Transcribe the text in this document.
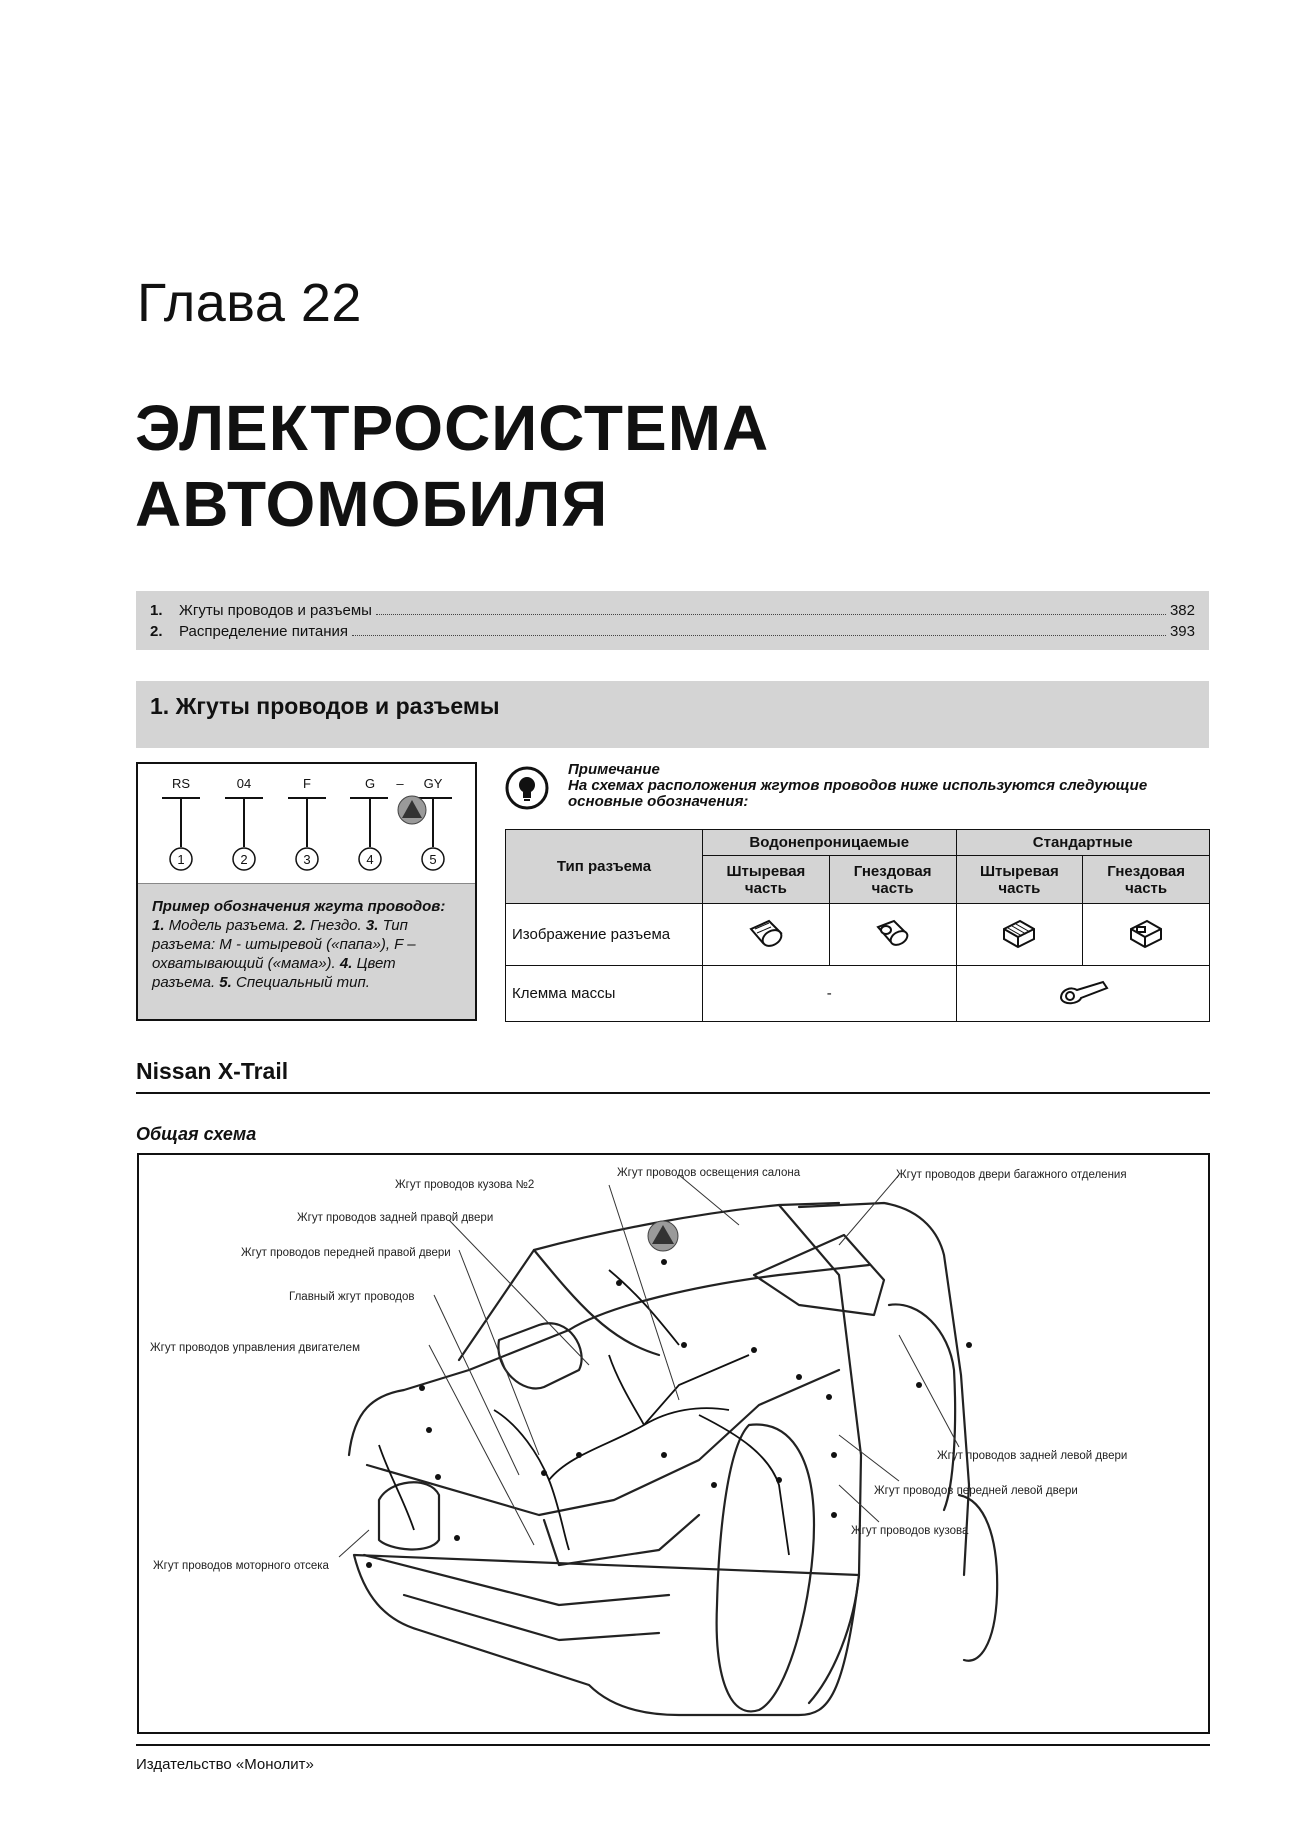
Глава 22
ЭЛЕКТРОСИСТЕМА
АВТОМОБИЛЯ
1.	Жгуты проводов и разъемы	382
2.	Распределение питания	393
1. Жгуты проводов и разъемы
RS	04	F	G – GY
1	2	3	4	5
Пример обозначения жгута проводов: 1. Модель разъема. 2. Гнездо. 3. Тип разъема: М - штыревой («папа»), F – охватывающий («мама»). 4. Цвет разъема. 5. Специальный тип.
Примечание
На схемах расположения жгутов проводов ниже используются следующие основные обозначения:
Тип разъема	Водонепроницаемые		Стандартные	
	Штыревая часть	Гнездовая часть	Штыревая часть	Гнездовая часть
Изображение разъема				
Клемма массы	-	
Nissan X-Trail
Общая схема
Жгут проводов кузова №2
Жгут проводов освещения салона	Жгут проводов двери багажного отделения
Жгут проводов задней правой двери
Жгут проводов передней правой двери
Главный жгут проводов
Жгут проводов управления двигателем
Жгут проводов задней левой двери
Жгут проводов передней левой двери
Жгут проводов кузова
Жгут проводов моторного отсека
Издательство «Монолит»
